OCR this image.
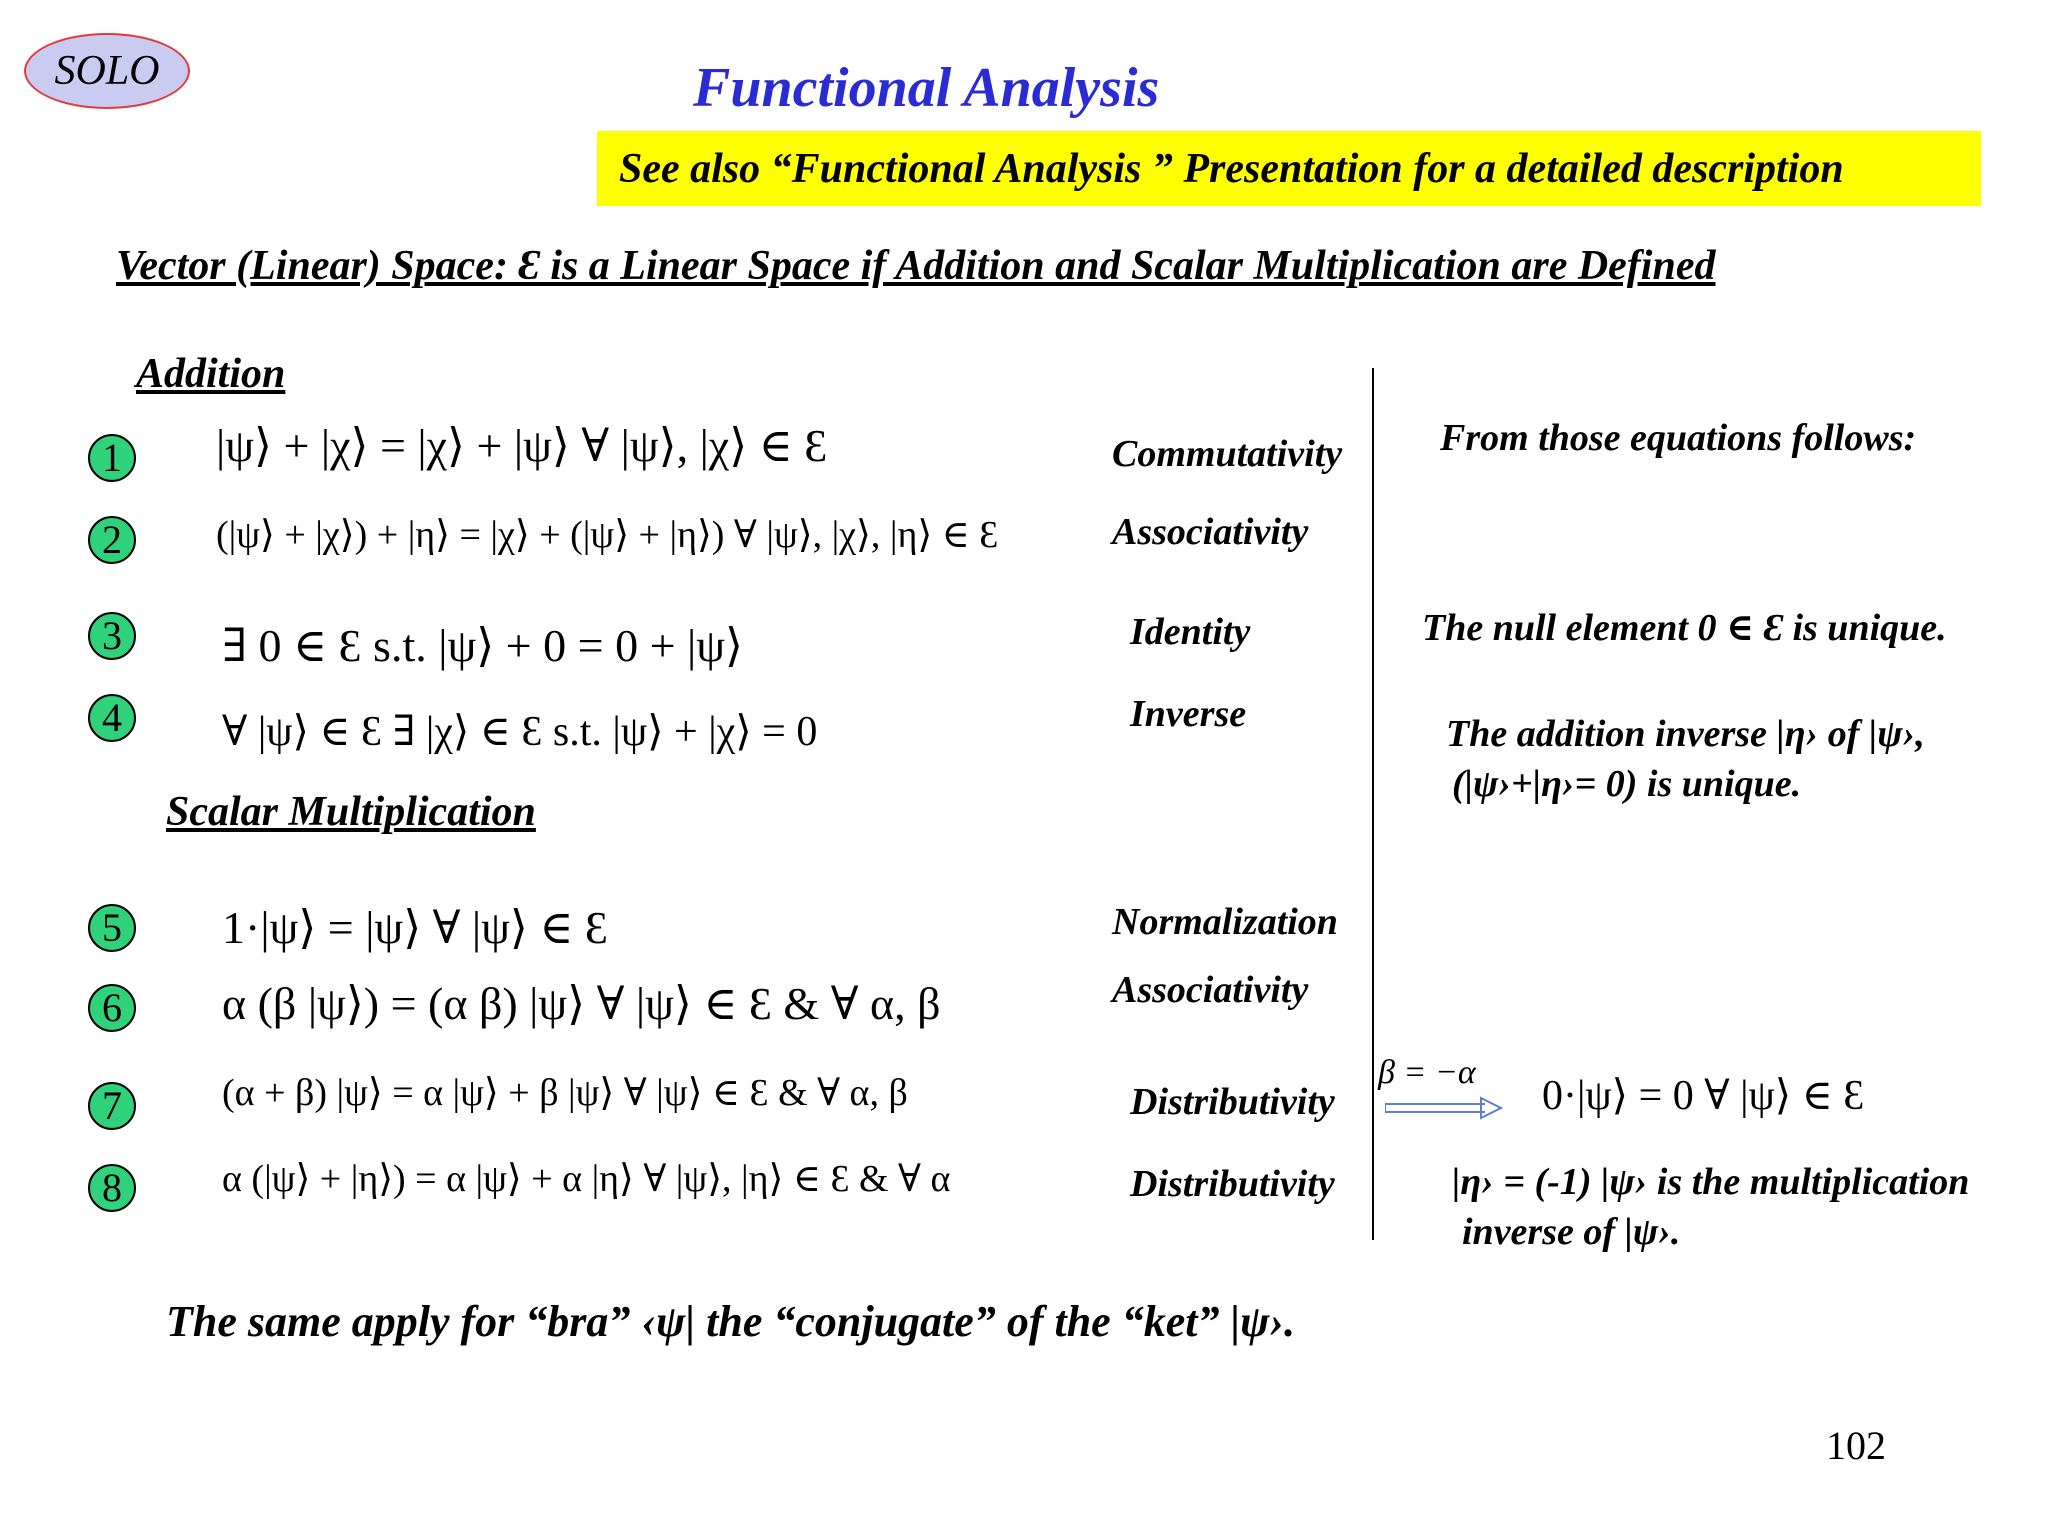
SOLO	Functional Analysis
See also “Functional Analysis ” Presentation for a detailed description
Vector (Linear) Space: Ɛ is a Linear Space if Addition and Scalar Multiplication are Defined
Addition
1	|ψ⟩ + |χ⟩ = |χ⟩ + |ψ⟩ ∀ |ψ⟩, |χ⟩ ∈ Ɛ	Commutativity
2	(|ψ⟩ + |χ⟩) + |η⟩ = |χ⟩ + (|ψ⟩ + |η⟩) ∀ |ψ⟩, |χ⟩, |η⟩ ∈ Ɛ	Associativity
3	∃ 0 ∈ Ɛ s.t. |ψ⟩ + 0 = 0 + |ψ⟩	Identity
4	∀ |ψ⟩ ∈ Ɛ ∃ |χ⟩ ∈ Ɛ s.t. |ψ⟩ + |χ⟩ = 0	Inverse
Scalar Multiplication
5	1·|ψ⟩ = |ψ⟩ ∀ |ψ⟩ ∈ Ɛ	Normalization
6	α (β |ψ⟩) = (α β) |ψ⟩ ∀ |ψ⟩ ∈ Ɛ & ∀ α, β	Associativity
7	(α + β) |ψ⟩ = α |ψ⟩ + β |ψ⟩ ∀ |ψ⟩ ∈ Ɛ & ∀ α, β	Distributivity
8	α (|ψ⟩ + |η⟩) = α |ψ⟩ + α |η⟩ ∀ |ψ⟩, |η⟩ ∈ Ɛ & ∀ α	Distributivity
From those equations follows:
The null element 0 ∈ Ɛ is unique.
The addition inverse |η› of |ψ›,
(|ψ›+|η›= 0) is unique.
β = −α
0·|ψ⟩ = 0 ∀ |ψ⟩ ∈ Ɛ
|η› = (-1) |ψ› is the multiplication
inverse of |ψ›.
The same apply for “bra” ‹ψ| the “conjugate” of the “ket” |ψ›.
102
